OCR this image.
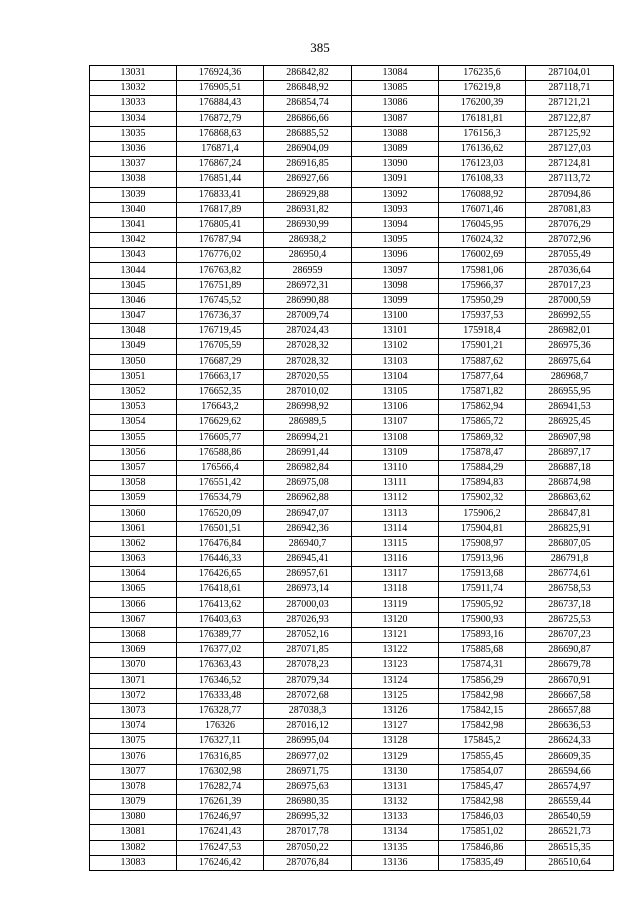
385
13031	176924,36	286842,82	13084	176235,6	287104,01
13032	176905,51	286848,92	13085	176219,8	287118,71
13033	176884,43	286854,74	13086	176200,39	287121,21
13034	176872,79	286866,66	13087	176181,81	287122,87
13035	176868,63	286885,52	13088	176156,3	287125,92
13036	176871,4	286904,09	13089	176136,62	287127,03
13037	176867,24	286916,85	13090	176123,03	287124,81
13038	176851,44	286927,66	13091	176108,33	287113,72
13039	176833,41	286929,88	13092	176088,92	287094,86
13040	176817,89	286931,82	13093	176071,46	287081,83
13041	176805,41	286930,99	13094	176045,95	287076,29
13042	176787,94	286938,2	13095	176024,32	287072,96
13043	176776,02	286950,4	13096	176002,69	287055,49
13044	176763,82	286959	13097	175981,06	287036,64
13045	176751,89	286972,31	13098	175966,37	287017,23
13046	176745,52	286990,88	13099	175950,29	287000,59
13047	176736,37	287009,74	13100	175937,53	286992,55
13048	176719,45	287024,43	13101	175918,4	286982,01
13049	176705,59	287028,32	13102	175901,21	286975,36
13050	176687,29	287028,32	13103	175887,62	286975,64
13051	176663,17	287020,55	13104	175877,64	286968,7
13052	176652,35	287010,02	13105	175871,82	286955,95
13053	176643,2	286998,92	13106	175862,94	286941,53
13054	176629,62	286989,5	13107	175865,72	286925,45
13055	176605,77	286994,21	13108	175869,32	286907,98
13056	176588,86	286991,44	13109	175878,47	286897,17
13057	176566,4	286982,84	13110	175884,29	286887,18
13058	176551,42	286975,08	13111	175894,83	286874,98
13059	176534,79	286962,88	13112	175902,32	286863,62
13060	176520,09	286947,07	13113	175906,2	286847,81
13061	176501,51	286942,36	13114	175904,81	286825,91
13062	176476,84	286940,7	13115	175908,97	286807,05
13063	176446,33	286945,41	13116	175913,96	286791,8
13064	176426,65	286957,61	13117	175913,68	286774,61
13065	176418,61	286973,14	13118	175911,74	286758,53
13066	176413,62	287000,03	13119	175905,92	286737,18
13067	176403,63	287026,93	13120	175900,93	286725,53
13068	176389,77	287052,16	13121	175893,16	286707,23
13069	176377,02	287071,85	13122	175885,68	286690,87
13070	176363,43	287078,23	13123	175874,31	286679,78
13071	176346,52	287079,34	13124	175856,29	286670,91
13072	176333,48	287072,68	13125	175842,98	286667,58
13073	176328,77	287038,3	13126	175842,15	286657,88
13074	176326	287016,12	13127	175842,98	286636,53
13075	176327,11	286995,04	13128	175845,2	286624,33
13076	176316,85	286977,02	13129	175855,45	286609,35
13077	176302,98	286971,75	13130	175854,07	286594,66
13078	176282,74	286975,63	13131	175845,47	286574,97
13079	176261,39	286980,35	13132	175842,98	286559,44
13080	176246,97	286995,32	13133	175846,03	286540,59
13081	176241,43	287017,78	13134	175851,02	286521,73
13082	176247,53	287050,22	13135	175846,86	286515,35
13083	176246,42	287076,84	13136	175835,49	286510,64
